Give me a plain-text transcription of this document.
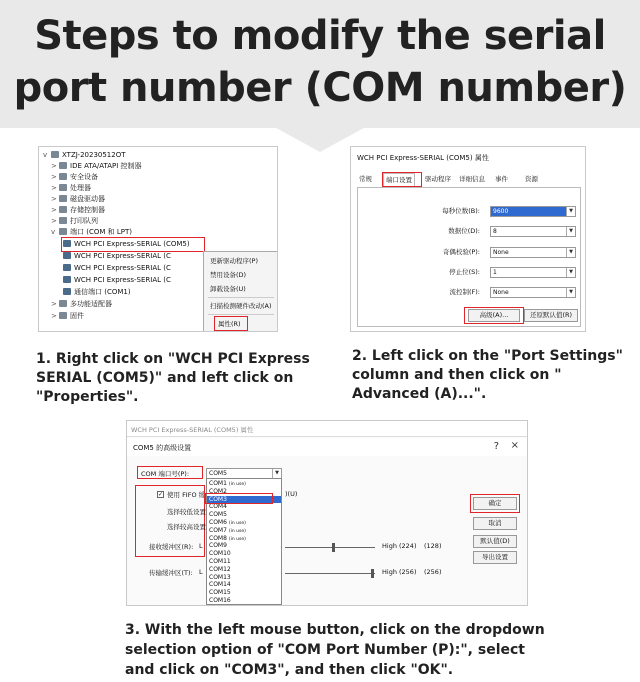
Steps to modify the serial
port number (COM number)
v XTZJ-20230512OT
> IDE ATA/ATAPI 控制器
> 安全设备
> 处理器
> 磁盘驱动器
> 存储控制器
> 打印队列
v 端口 (COM 和 LPT)
WCH PCI Express-SERIAL (COM5)
WCH PCI Express-SERIAL (C
WCH PCI Express-SERIAL (C
WCH PCI Express-SERIAL (C
通信端口 (COM1)
> 多功能适配器
> 固件
更新驱动程序(P)
禁用设备(D)
卸载设备(U)
扫描检测硬件改动(A)
属性(R)
WCH PCI Express-SERIAL (COM5) 属性
常规	端口设置	驱动程序	详细信息	事件	资源
每秒位数(B):	9600	▼
数据位(D):	8	▼
奇偶校验(P):	None	▼
停止位(S):	1	▼
流控制(F):	None	▼
高级(A)...	还原默认值(R)
1. Right click on "WCH PCI Express
SERIAL (COM5)" and left click on
"Properties".
2. Left click on the "Port Settings"
column and then click on "
Advanced (A)...".
WCH PCI Express-SERIAL (COM5) 属性
COM5 的高级设置	? ×
COM 端口号(P):	COM5	▼
✓ 使用 FIFO 缓	)(U)
选择较低设置
选择较高设置
接收缓冲区(R): L	High (224) (128)
传输缓冲区(T): L	High (256) (256)
确定
取消
默认值(D)
导出设置
COM1 (in use)
COM2
COM3
COM4
COM5
COM6 (in use)
COM7 (in use)
COM8 (in use)
COM9
COM10
COM11
COM12
COM13
COM14
COM15
COM16
3. With the left mouse button, click on the dropdown
selection option of "COM Port Number (P):", select
and click on "COM3", and then click "OK".
